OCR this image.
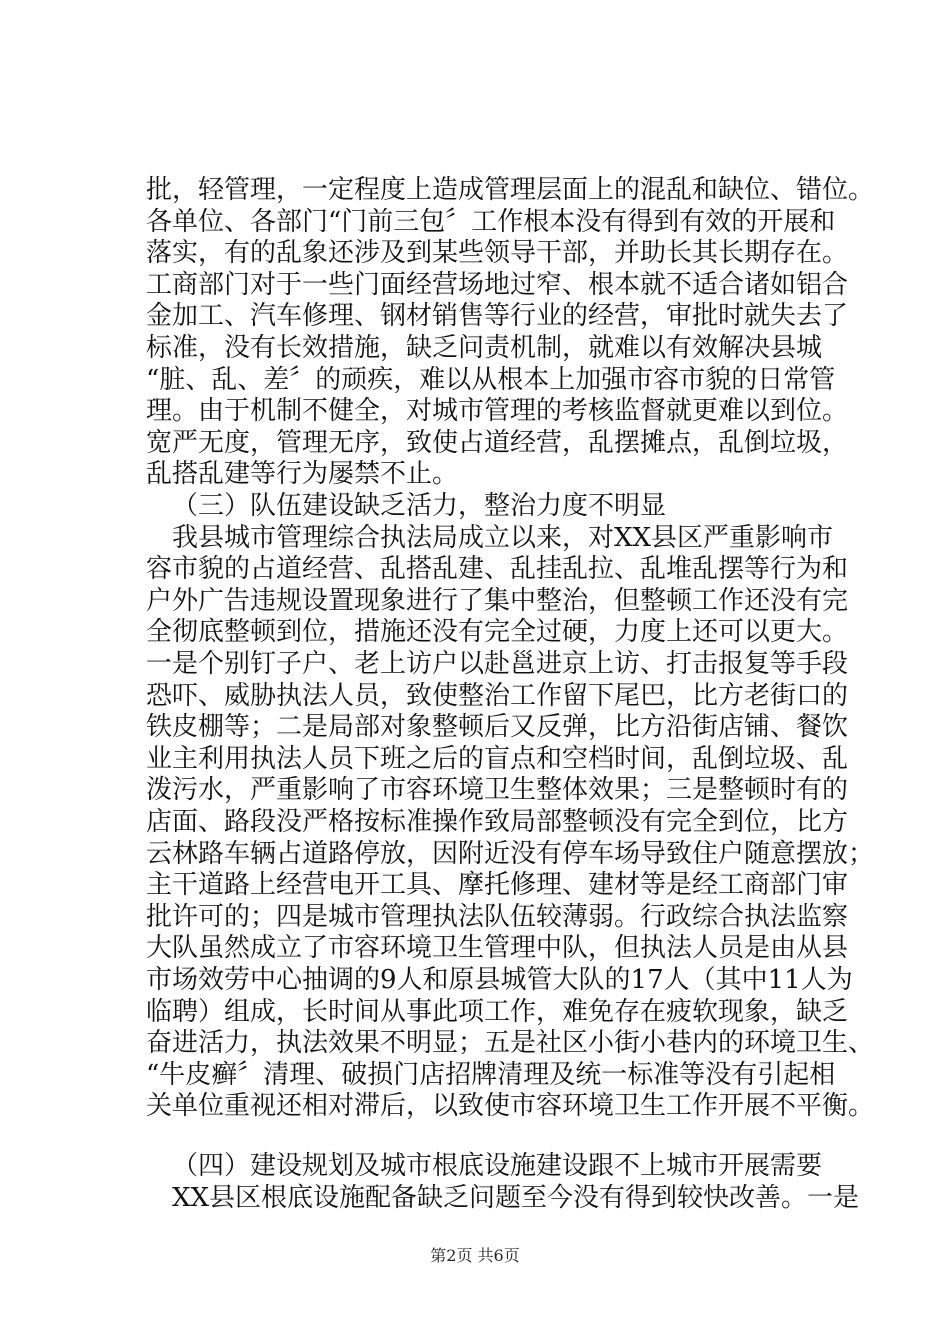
批，轻管理，一定程度上造成管理层面上的混乱和缺位、错位。
各单位、各部门“门前三包〞工作根本没有得到有效的开展和
落实，有的乱象还涉及到某些领导干部，并助长其长期存在。
工商部门对于一些门面经营场地过窄、根本就不适合诸如铝合
金加工、汽车修理、钢材销售等行业的经营，审批时就失去了
标准，没有长效措施，缺乏问责机制，就难以有效解决县城
“脏、乱、差〞的顽疾，难以从根本上加强市容市貌的日常管
理。由于机制不健全，对城市管理的考核监督就更难以到位。
宽严无度，管理无序，致使占道经营，乱摆摊点，乱倒垃圾，
乱搭乱建等行为屡禁不止。
（三）队伍建设缺乏活力，整治力度不明显
我县城市管理综合执法局成立以来，对XX县区严重影响市
容市貌的占道经营、乱搭乱建、乱挂乱拉、乱堆乱摆等行为和
户外广告违规设置现象进行了集中整治，但整顿工作还没有完
全彻底整顿到位，措施还没有完全过硬，力度上还可以更大。
一是个别钉子户、老上访户以赴邕进京上访、打击报复等手段
恐吓、威胁执法人员，致使整治工作留下尾巴，比方老街口的
铁皮棚等；二是局部对象整顿后又反弹，比方沿街店铺、餐饮
业主利用执法人员下班之后的盲点和空档时间，乱倒垃圾、乱
泼污水，严重影响了市容环境卫生整体效果；三是整顿时有的
店面、路段没严格按标准操作致局部整顿没有完全到位，比方
云林路车辆占道路停放，因附近没有停车场导致住户随意摆放；
主干道路上经营电开工具、摩托修理、建材等是经工商部门审
批许可的；四是城市管理执法队伍较薄弱。行政综合执法监察
大队虽然成立了市容环境卫生管理中队，但执法人员是由从县
市场效劳中心抽调的9人和原县城管大队的17人（其中11人为
临聘）组成，长时间从事此项工作，难免存在疲软现象，缺乏
奋进活力，执法效果不明显；五是社区小街小巷内的环境卫生、
“牛皮癣〞清理、破损门店招牌清理及统一标准等没有引起相
关单位重视还相对滞后，以致使市容环境卫生工作开展不平衡。
（四）建设规划及城市根底设施建设跟不上城市开展需要
XX县区根底设施配备缺乏问题至今没有得到较快改善。一是
第2页 共6页
